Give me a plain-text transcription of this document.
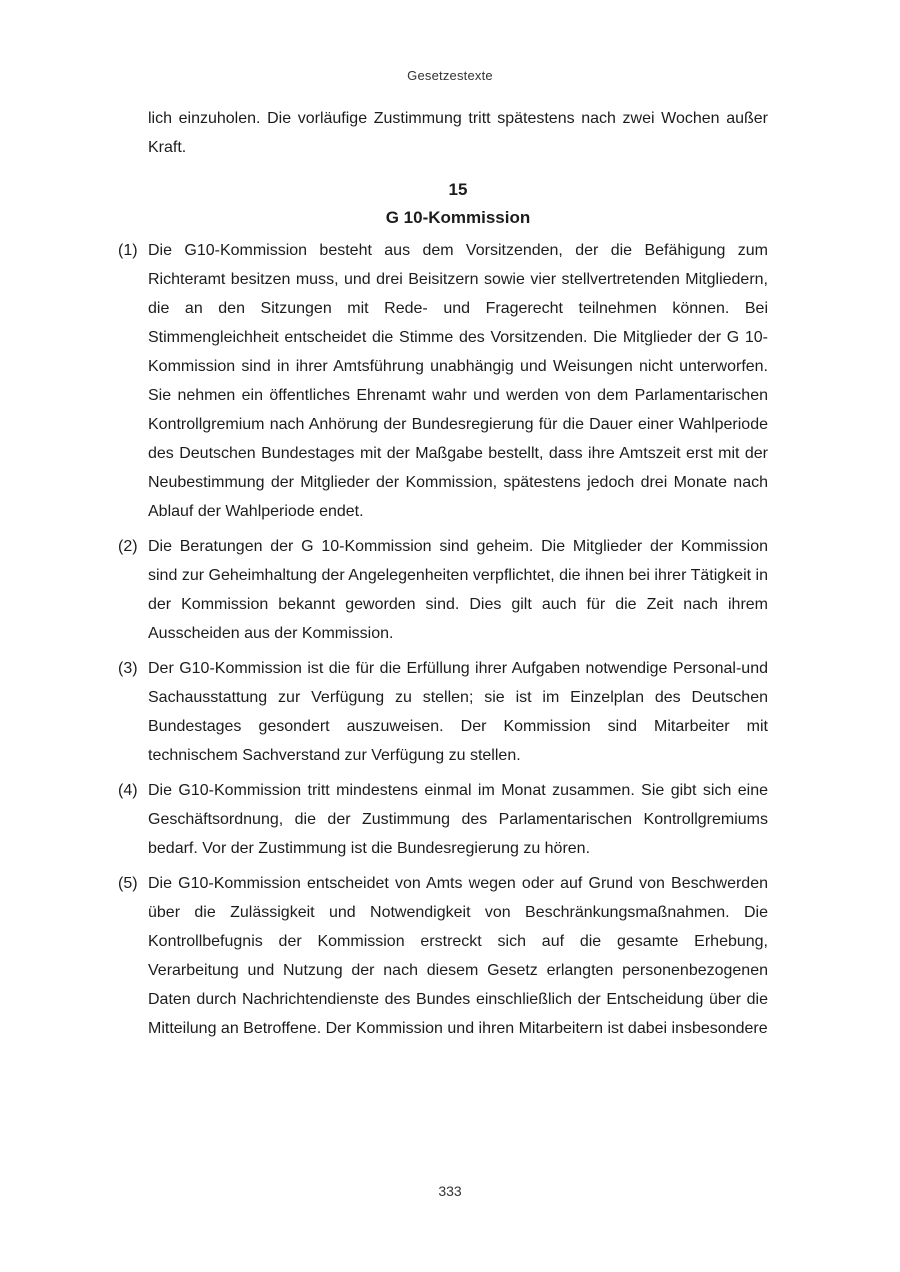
Gesetzestexte

lich einzuholen. Die vorläufige Zustimmung tritt spätestens nach zwei Wochen außer Kraft.

15
G 10-Kommission
(1) Die G10-Kommission besteht aus dem Vorsitzenden, der die Befähigung zum Richteramt besitzen muss, und drei Beisitzern sowie vier stellvertretenden Mitgliedern, die an den Sitzungen mit Rede- und Fragerecht teilnehmen können. Bei Stimmengleichheit entscheidet die Stimme des Vorsitzenden. Die Mitglieder der G 10-Kommission sind in ihrer Amtsführung unabhängig und Weisungen nicht unterworfen. Sie nehmen ein öffentliches Ehrenamt wahr und werden von dem Parlamentarischen Kontrollgremium nach Anhörung der Bundesregierung für die Dauer einer Wahlperiode des Deutschen Bundestages mit der Maßgabe bestellt, dass ihre Amtszeit erst mit der Neubestimmung der Mitglieder der Kommission, spätestens jedoch drei Monate nach Ablauf der Wahlperiode endet.
(2) Die Beratungen der G 10-Kommission sind geheim. Die Mitglieder der Kommission sind zur Geheimhaltung der Angelegenheiten verpflichtet, die ihnen bei ihrer Tätigkeit in der Kommission bekannt geworden sind. Dies gilt auch für die Zeit nach ihrem Ausscheiden aus der Kommission.
(3) Der G10-Kommission ist die für die Erfüllung ihrer Aufgaben notwendige Personal-und Sachausstattung zur Verfügung zu stellen; sie ist im Einzelplan des Deutschen Bundestages gesondert auszuweisen. Der Kommission sind Mitarbeiter mit technischem Sachverstand zur Verfügung zu stellen.
(4) Die G10-Kommission tritt mindestens einmal im Monat zusammen. Sie gibt sich eine Geschäftsordnung, die der Zustimmung des Parlamentarischen Kontrollgremiums bedarf. Vor der Zustimmung ist die Bundesregierung zu hören.
(5) Die G10-Kommission entscheidet von Amts wegen oder auf Grund von Beschwerden über die Zulässigkeit und Notwendigkeit von Beschränkungsmaßnahmen. Die Kontrollbefugnis der Kommission erstreckt sich auf die gesamte Erhebung, Verarbeitung und Nutzung der nach diesem Gesetz erlangten personenbezogenen Daten durch Nachrichtendienste des Bundes einschließlich der Entscheidung über die Mitteilung an Betroffene. Der Kommission und ihren Mitarbeitern ist dabei insbesondere
333
